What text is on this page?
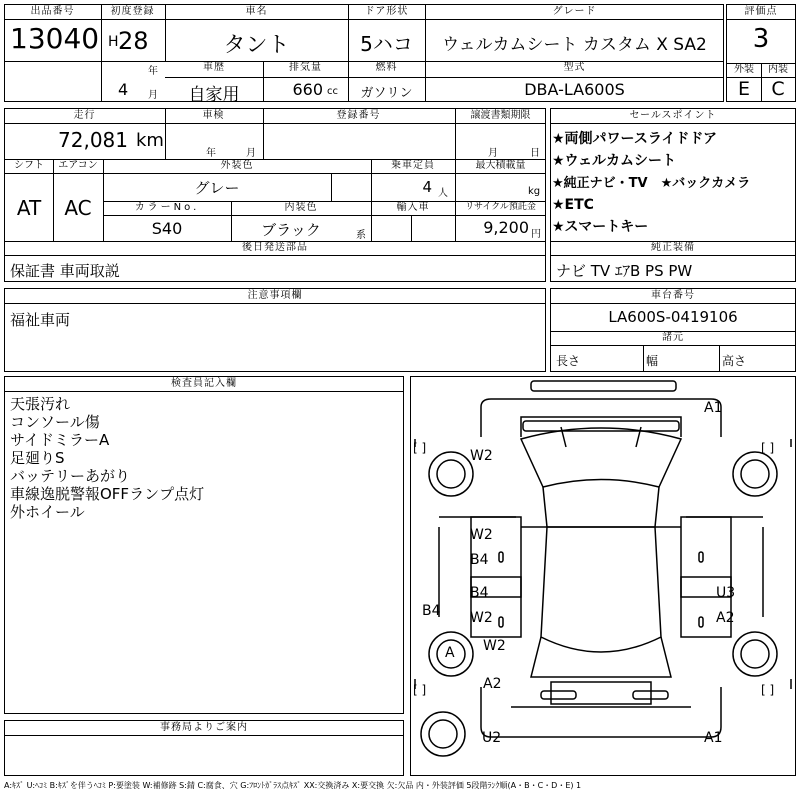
出品番号
13040
初度登録
H 28
年
4 月
車名
タント
ドア形状
5ハコ
グレード
ウェルカムシート カスタム X SA2
車歴
自家用
排気量
660 cc
燃料
ガソリン
型式
DBA-LA600S
評価点
3
外装	内装
E	C
走行
72,081 km
車検
年	月
登録番号	譲渡書類期限
月	日
シフト
AT
エアコン
AC
外装色
グレー
乗車定員
4 人
最大積載量
kg
カラーNo.
S40
内装色
ブラック	系
輸入車	リサイクル預託金
9,200 円
後日発送部品
保証書 車両取説
セールスポイント
★両側パワースライドドア
★ウェルカムシート
★純正ナビ・TV　★バックカメラ
★ETC
★スマートキー
純正装備
ナビ TV ｴｱB PS PW
注意事項欄
福祉車両
車台番号
LA600S-0419106
諸元
長さ	幅	高さ
検査員記入欄
天張汚れ
コンソール傷
サイドミラーA
足廻りS
バッテリーあがり
車線逸脱警報OFFランプ点灯
外ホイール
事務局よりご案内
[ ]	[ ]
[ ]	[ ]
A1
W2
W2
B4
B4
W2
U3
A2
B4
A W2
A2
U2	A1
A:ｷｽﾞ U:ﾍｺﾐ B:ｷｽﾞを伴うﾍｺﾐ P:要塗装 W:補修跡 S:錆 C:腐食、穴 G:ﾌﾛﾝﾄｶﾞﾗｽ点ｷｽﾞ XX:交換済み X:要交換 欠:欠品 内・外装評価 5段階ﾗﾝｸ順(A・B・C・D・E) 1
